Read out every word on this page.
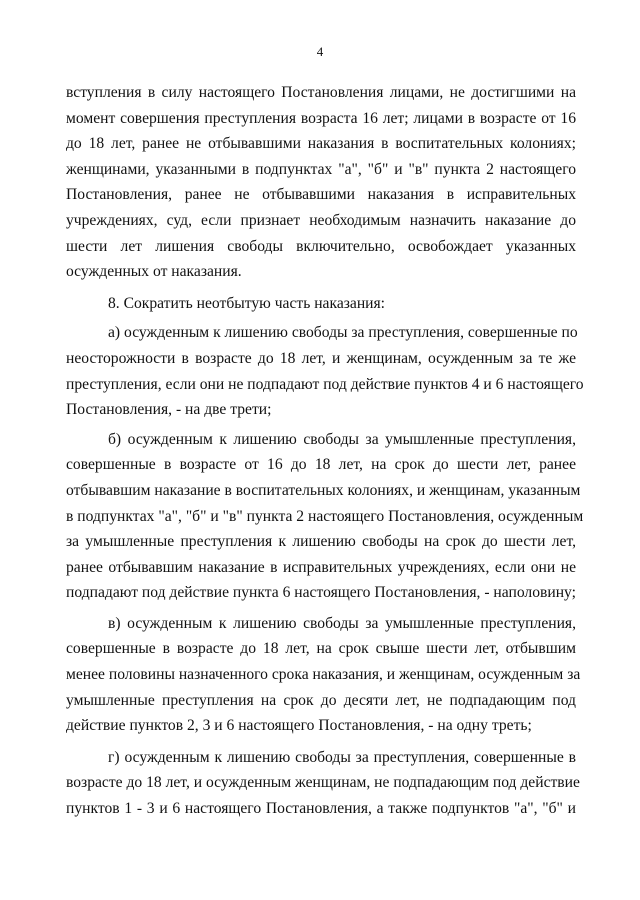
4
вступления в силу настоящего Постановления лицами, не достигшими на
момент совершения преступления возраста 16 лет; лицами в возрасте от 16
до 18 лет, ранее не отбывавшими наказания в воспитательных колониях;
женщинами, указанными в подпунктах "а", "б" и "в" пункта 2 настоящего
Постановления, ранее не отбывавшими наказания в исправительных
учреждениях, суд, если признает необходимым назначить наказание до
шести лет лишения свободы включительно, освобождает указанных
осужденных от наказания.
8. Сократить неотбытую часть наказания:
а) осужденным к лишению свободы за преступления, совершенные по
неосторожности в возрасте до 18 лет, и женщинам, осужденным за те же
преступления, если они не подпадают под действие пунктов 4 и 6 настоящего
Постановления, - на две трети;
б) осужденным к лишению свободы за умышленные преступления,
совершенные в возрасте от 16 до 18 лет, на срок до шести лет, ранее
отбывавшим наказание в воспитательных колониях, и женщинам, указанным
в подпунктах "а", "б" и "в" пункта 2 настоящего Постановления, осужденным
за умышленные преступления к лишению свободы на срок до шести лет,
ранее отбывавшим наказание в исправительных учреждениях, если они не
подпадают под действие пункта 6 настоящего Постановления, - наполовину;
в) осужденным к лишению свободы за умышленные преступления,
совершенные в возрасте до 18 лет, на срок свыше шести лет, отбывшим
менее половины назначенного срока наказания, и женщинам, осужденным за
умышленные преступления на срок до десяти лет, не подпадающим под
действие пунктов 2, 3 и 6 настоящего Постановления, - на одну треть;
г) осужденным к лишению свободы за преступления, совершенные в
возрасте до 18 лет, и осужденным женщинам, не подпадающим под действие
пунктов 1 - 3 и 6 настоящего Постановления, а также подпунктов "а", "б" и
